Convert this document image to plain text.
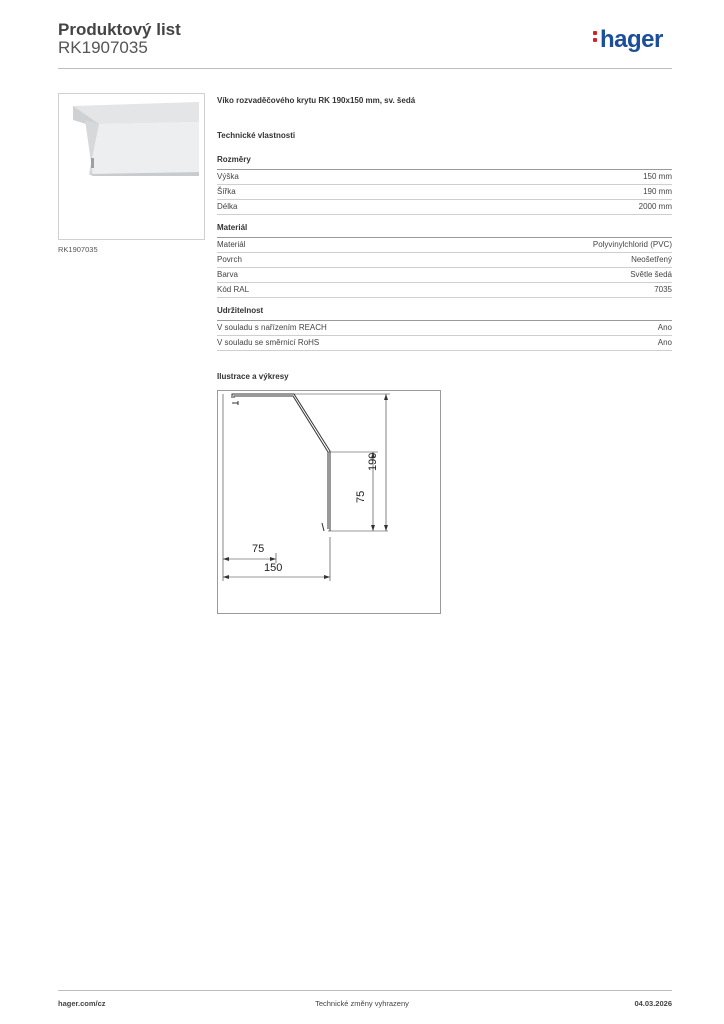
Produktový list
RK1907035	hager
RK1907035
Víko rozvaděčového krytu RK 190x150 mm, sv. šedá
Technické vlastnosti
Rozměry
Výška	150 mm
Šířka	190 mm
Délka	2000 mm
Materiál
Materiál	Polyvinylchlorid (PVC)
Povrch	Neošetřený
Barva	Světle šedá
Kód RAL	7035
Udržitelnost
V souladu s nařízením REACH	Ano
V souladu se směrnicí RoHS	Ano
Ilustrace a výkresy
190
75
75
150
hager.com/cz	Technické změny vyhrazeny	04.03.2026
